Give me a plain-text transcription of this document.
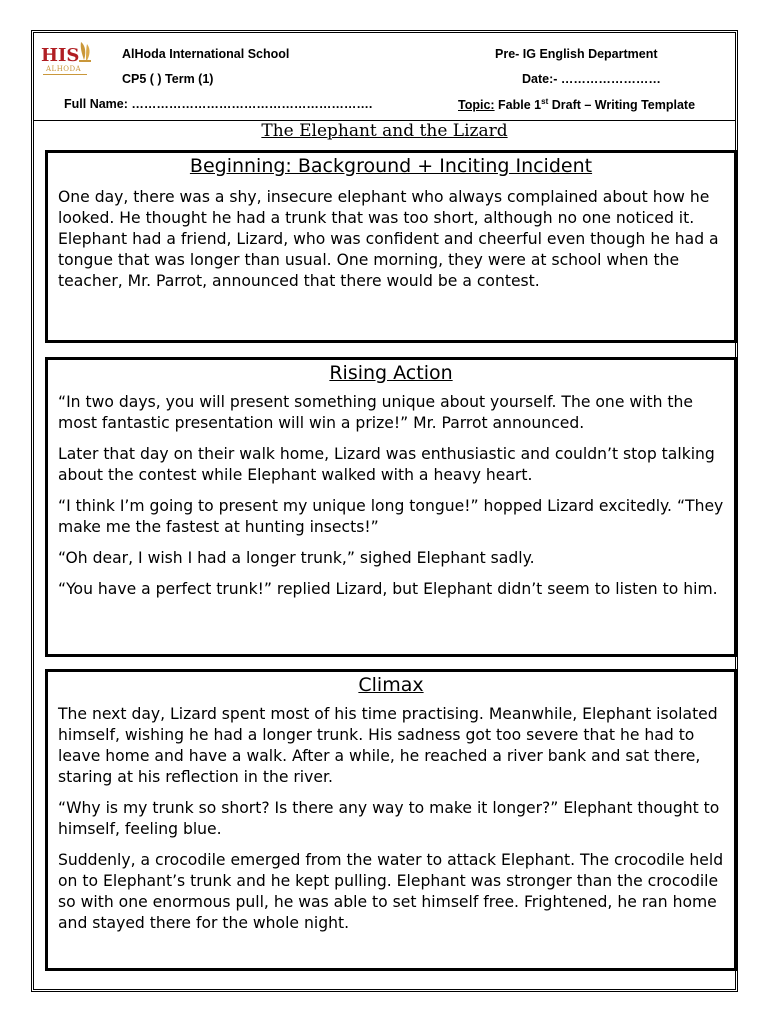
HIS
ALHODA
AlHoda International School
CP5 ( ) Term (1)
Full Name: ………………………………………………….
Pre- IG English Department
Date:- ……………………
Topic: Fable 1st Draft – Writing Template
The Elephant and the Lizard
Beginning: Background + Inciting Incident

One day, there was a shy, insecure elephant who always complained about how he looked. He thought he had a trunk that was too short, although no one noticed it. Elephant had a friend, Lizard, who was confident and cheerful even though he had a tongue that was longer than usual. One morning, they were at school when the teacher, Mr. Parrot, announced that there would be a contest.

Rising Action

“In two days, you will present something unique about yourself. The one with the most fantastic presentation will win a prize!” Mr. Parrot announced.

Later that day on their walk home, Lizard was enthusiastic and couldn’t stop talking about the contest while Elephant walked with a heavy heart.

“I think I’m going to present my unique long tongue!” hopped Lizard excitedly. “They make me the fastest at hunting insects!”

“Oh dear, I wish I had a longer trunk,” sighed Elephant sadly.

“You have a perfect trunk!” replied Lizard, but Elephant didn’t seem to listen to him.

Climax

The next day, Lizard spent most of his time practising. Meanwhile, Elephant isolated himself, wishing he had a longer trunk. His sadness got too severe that he had to leave home and have a walk. After a while, he reached a river bank and sat there, staring at his reflection in the river.

“Why is my trunk so short? Is there any way to make it longer?” Elephant thought to himself, feeling blue.

Suddenly, a crocodile emerged from the water to attack Elephant. The crocodile held on to Elephant’s trunk and he kept pulling. Elephant was stronger than the crocodile so with one enormous pull, he was able to set himself free. Frightened, he ran home and stayed there for the whole night.
